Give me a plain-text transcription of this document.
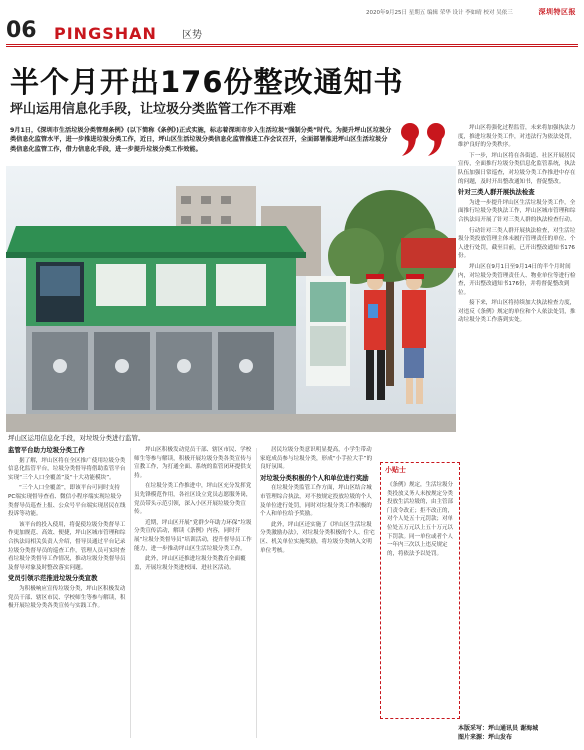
2020年9月25日 星期五 编辑 荣华 设计 李如晴 校对 吴依三	深圳特区报
06 PINGSHAN	区势
半个月开出176份整改通知书
坪山运用信息化手段，让垃圾分类监管工作不再难
9月1日，《深圳市生活垃圾分类管理条例》(以下简称《条例》)正式实施，标志着深圳市步入生活垃圾“强制分类”时代。为提升坪山区垃圾分类信息化监管水平，进一步推进垃圾分类工作，近日，坪山区生活垃圾分类信息化监管推进工作会议召开，全面部署推进坪山区生活垃圾分类信息化监管工作，借力信息化手段，进一步提升垃圾分类工作效能。
坪山区运用信息化手段，对垃圾分类进行监管。
监管平台助力垃圾分类工作

据了解，坪山区将在全区推广使用垃圾分类信息化监管平台，垃圾分类督导将借助监管平台实现“三个人口全覆盖”及“十大功能模块”。

“三个人口全覆盖”，即该平台可同时支持PC端实现督导查看、微信小程序端实现垃圾分类督导员巡查上报、公众号平台端实现居民在线投诉等功能。

该平台的投入使用，将促使垃圾分类督导工作更加规范、高效、便捷，坪山区城市管理和综合执法局相关负责人介绍，督导员通过平台记录垃圾分类督导员的巡查工作，管理人员可实时查看垃圾分类督导工作情况，推动垃圾分类督导员及督导对象及时整改落实问题。

党员引领示范推进垃圾分类宣教

为积极响应宣传垃圾分类，坪山区积极发动党员干部、辖区市民、学校师生等参与解读，积极开展垃圾分类各类宣传与实践工作。

坪山区积极发动党员干部、辖区市民、学校师生等参与解读，积极开展垃圾分类各类宣传与宣教工作，为打通全面、系统的监管闭环提供支持。

在垃圾分类工作推进中，坪山区充分发挥党员先锋模范作用，各社区设立党员志愿服务岗，党员带头示范引领，深入小区开展垃圾分类宣传。

近期，坪山区开展“党群少年助力环保”垃圾分类宣传活动，解读《条例》内容，同时开展“垃圾分类督导员”培训活动，提升督导员工作能力，进一步推动坪山区生活垃圾分类工作。

此外，坪山区还推进垃圾分类教育全面覆盖，开展垃圾分类进校园、进社区活动。

居民垃圾分类意识明显提高，小学生带动家庭成员参与垃圾分类，形成“小手拉大手”的良好氛围。

对垃圾分类积极的个人和单位进行奖励

在垃圾分类监管工作方面，坪山区结合城市管理综合执法，对不按规定投放垃圾的个人及单位进行处罚，同时对垃圾分类工作积极的个人和单位给予奖励。

此外，坪山区还实施了《坪山区生活垃圾分类激励办法》，对垃圾分类积极的个人、住宅区、机关单位实施奖励，将垃圾分类纳入文明单位考核。

小贴士
《条例》规定，生活垃圾分类投放义务人未按规定分类投放生活垃圾的，由主管部门责令改正；拒不改正的，对个人处五十元罚款；对单位处五万元以上五十万元以下罚款。同一单位或者个人一年内三次以上违反规定的，将依法予以处罚。

坪山区将强化过程监管，未来将加强执法力度，推进垃圾分类工作，对违法行为依法处罚，维护良好的分类秩序。

下一步，坪山区将在各街道、社区开展居民宣传，全面推行垃圾分类信息化监管系统，执法队伍加强日常巡查，对垃圾分类工作推进中存在的问题，及时开出整改通知书，督促整改。

针对三类人群开展执法检查

为进一步提升坪山区生活垃圾分类工作，全面推行垃圾分类执法工作，坪山区城市管理和综合执法局开展了针对三类人群的执法检查行动。

行动针对三类人群开展执法检查，对生活垃圾分类投放管理主体未履行管理责任的单位、个人进行处罚，截至目前，已开出整改通知书176份。

坪山区在9月1日至9月14日的半个月时间内，对垃圾分类管理责任人、物业单位等进行检查，开出整改通知书176份，并将督促整改到位。

接下来，坪山区将持续加大执法检查力度，对违反《条例》规定的单位和个人依法处罚，推动垃圾分类工作落到实处。

本版采写：坪山通讯员 谢海城
图片来源：坪山发布
